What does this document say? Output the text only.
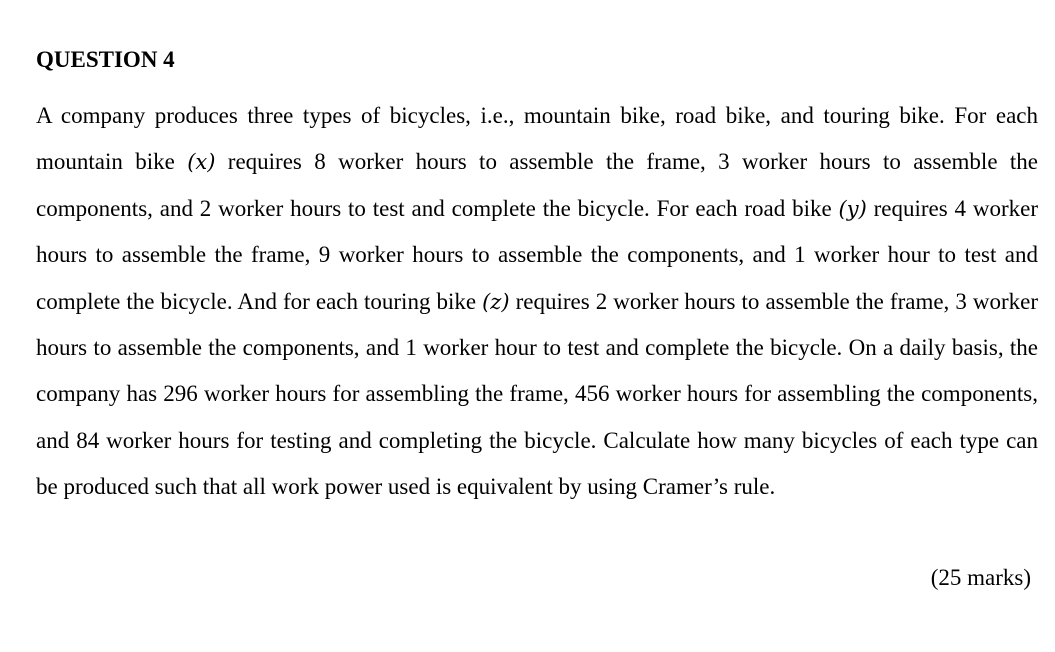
QUESTION 4

A company produces three types of bicycles, i.e., mountain bike, road bike, and touring bike. For each mountain bike (𝑥) requires 8 worker hours to assemble the frame, 3 worker hours to assemble the components, and 2 worker hours to test and complete the bicycle. For each road bike (𝑦) requires 4 worker hours to assemble the frame, 9 worker hours to assemble the components, and 1 worker hour to test and complete the bicycle. And for each touring bike (𝑧) requires 2 worker hours to assemble the frame, 3 worker hours to assemble the components, and 1 worker hour to test and complete the bicycle. On a daily basis, the company has 296 worker hours for assembling the frame, 456 worker hours for assembling the components, and 84 worker hours for testing and completing the bicycle. Calculate how many bicycles of each type can be produced such that all work power used is equivalent by using Cramer’s rule.

(25 marks)
